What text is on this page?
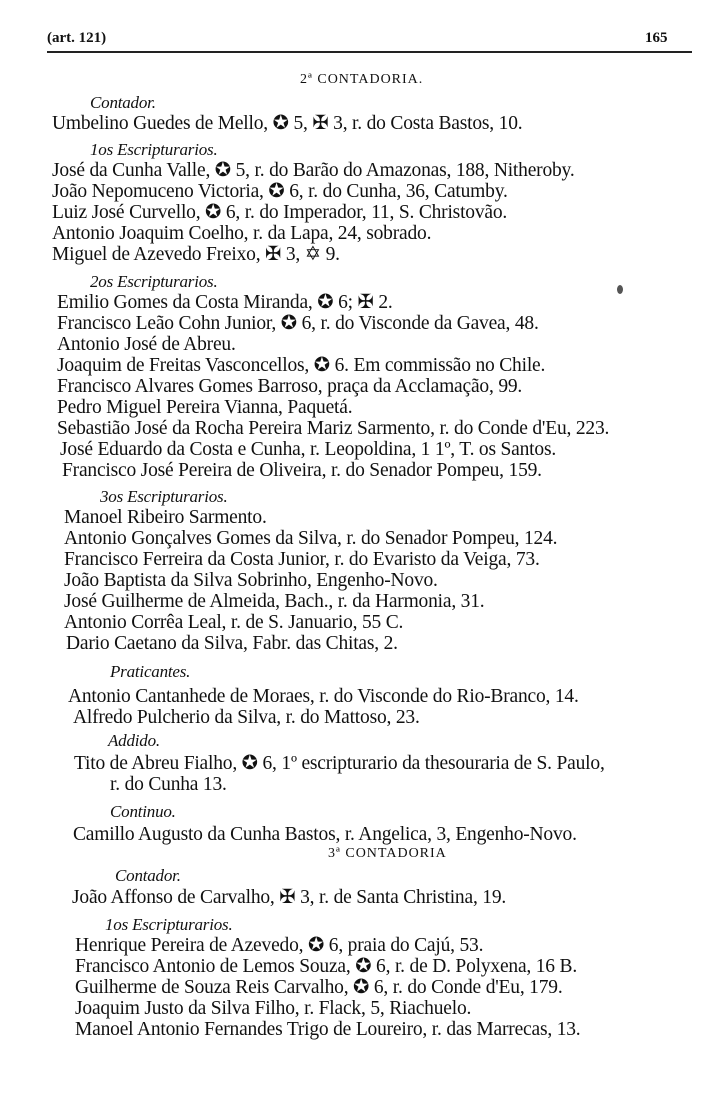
(art. 121)	165
2ª CONTADORIA.
Contador.
Umbelino Guedes de Mello, ✪ 5, ✠ 3, r. do Costa Bastos, 10.
1os Escripturarios.
José da Cunha Valle, ✪ 5, r. do Barão do Amazonas, 188, Nitheroby.
João Nepomuceno Victoria, ✪ 6, r. do Cunha, 36, Catumby.
Luiz José Curvello, ✪ 6, r. do Imperador, 11, S. Christovão.
Antonio Joaquim Coelho, r. da Lapa, 24, sobrado.
Miguel de Azevedo Freixo, ✠ 3, ✡ 9.
2os Escripturarios.
Emilio Gomes da Costa Miranda, ✪ 6; ✠ 2.
Francisco Leão Cohn Junior, ✪ 6, r. do Visconde da Gavea, 48.
Antonio José de Abreu.
Joaquim de Freitas Vasconcellos, ✪ 6. Em commissão no Chile.
Francisco Alvares Gomes Barroso, praça da Acclamação, 99.
Pedro Miguel Pereira Vianna, Paquetá.
Sebastião José da Rocha Pereira Mariz Sarmento, r. do Conde d'Eu, 223.
José Eduardo da Costa e Cunha, r. Leopoldina, 1 1º, T. os Santos.
Francisco José Pereira de Oliveira, r. do Senador Pompeu, 159.
3os Escripturarios.
Manoel Ribeiro Sarmento.
Antonio Gonçalves Gomes da Silva, r. do Senador Pompeu, 124.
Francisco Ferreira da Costa Junior, r. do Evaristo da Veiga, 73.
João Baptista da Silva Sobrinho, Engenho-Novo.
José Guilherme de Almeida, Bach., r. da Harmonia, 31.
Antonio Corrêa Leal, r. de S. Januario, 55 C.
Dario Caetano da Silva, Fabr. das Chitas, 2.
Praticantes.
Antonio Cantanhede de Moraes, r. do Visconde do Rio-Branco, 14.
Alfredo Pulcherio da Silva, r. do Mattoso, 23.
Addido.
Tito de Abreu Fialho, ✪ 6, 1º escripturario da thesouraria de S. Paulo,
r. do Cunha 13.
Continuo.
Camillo Augusto da Cunha Bastos, r. Angelica, 3, Engenho-Novo.
3ª CONTADORIA
Contador.
João Affonso de Carvalho, ✠ 3, r. de Santa Christina, 19.
1os Escripturarios.
Henrique Pereira de Azevedo, ✪ 6, praia do Cajú, 53.
Francisco Antonio de Lemos Souza, ✪ 6, r. de D. Polyxena, 16 B.
Guilherme de Souza Reis Carvalho, ✪ 6, r. do Conde d'Eu, 179.
Joaquim Justo da Silva Filho, r. Flack, 5, Riachuelo.
Manoel Antonio Fernandes Trigo de Loureiro, r. das Marrecas, 13.
